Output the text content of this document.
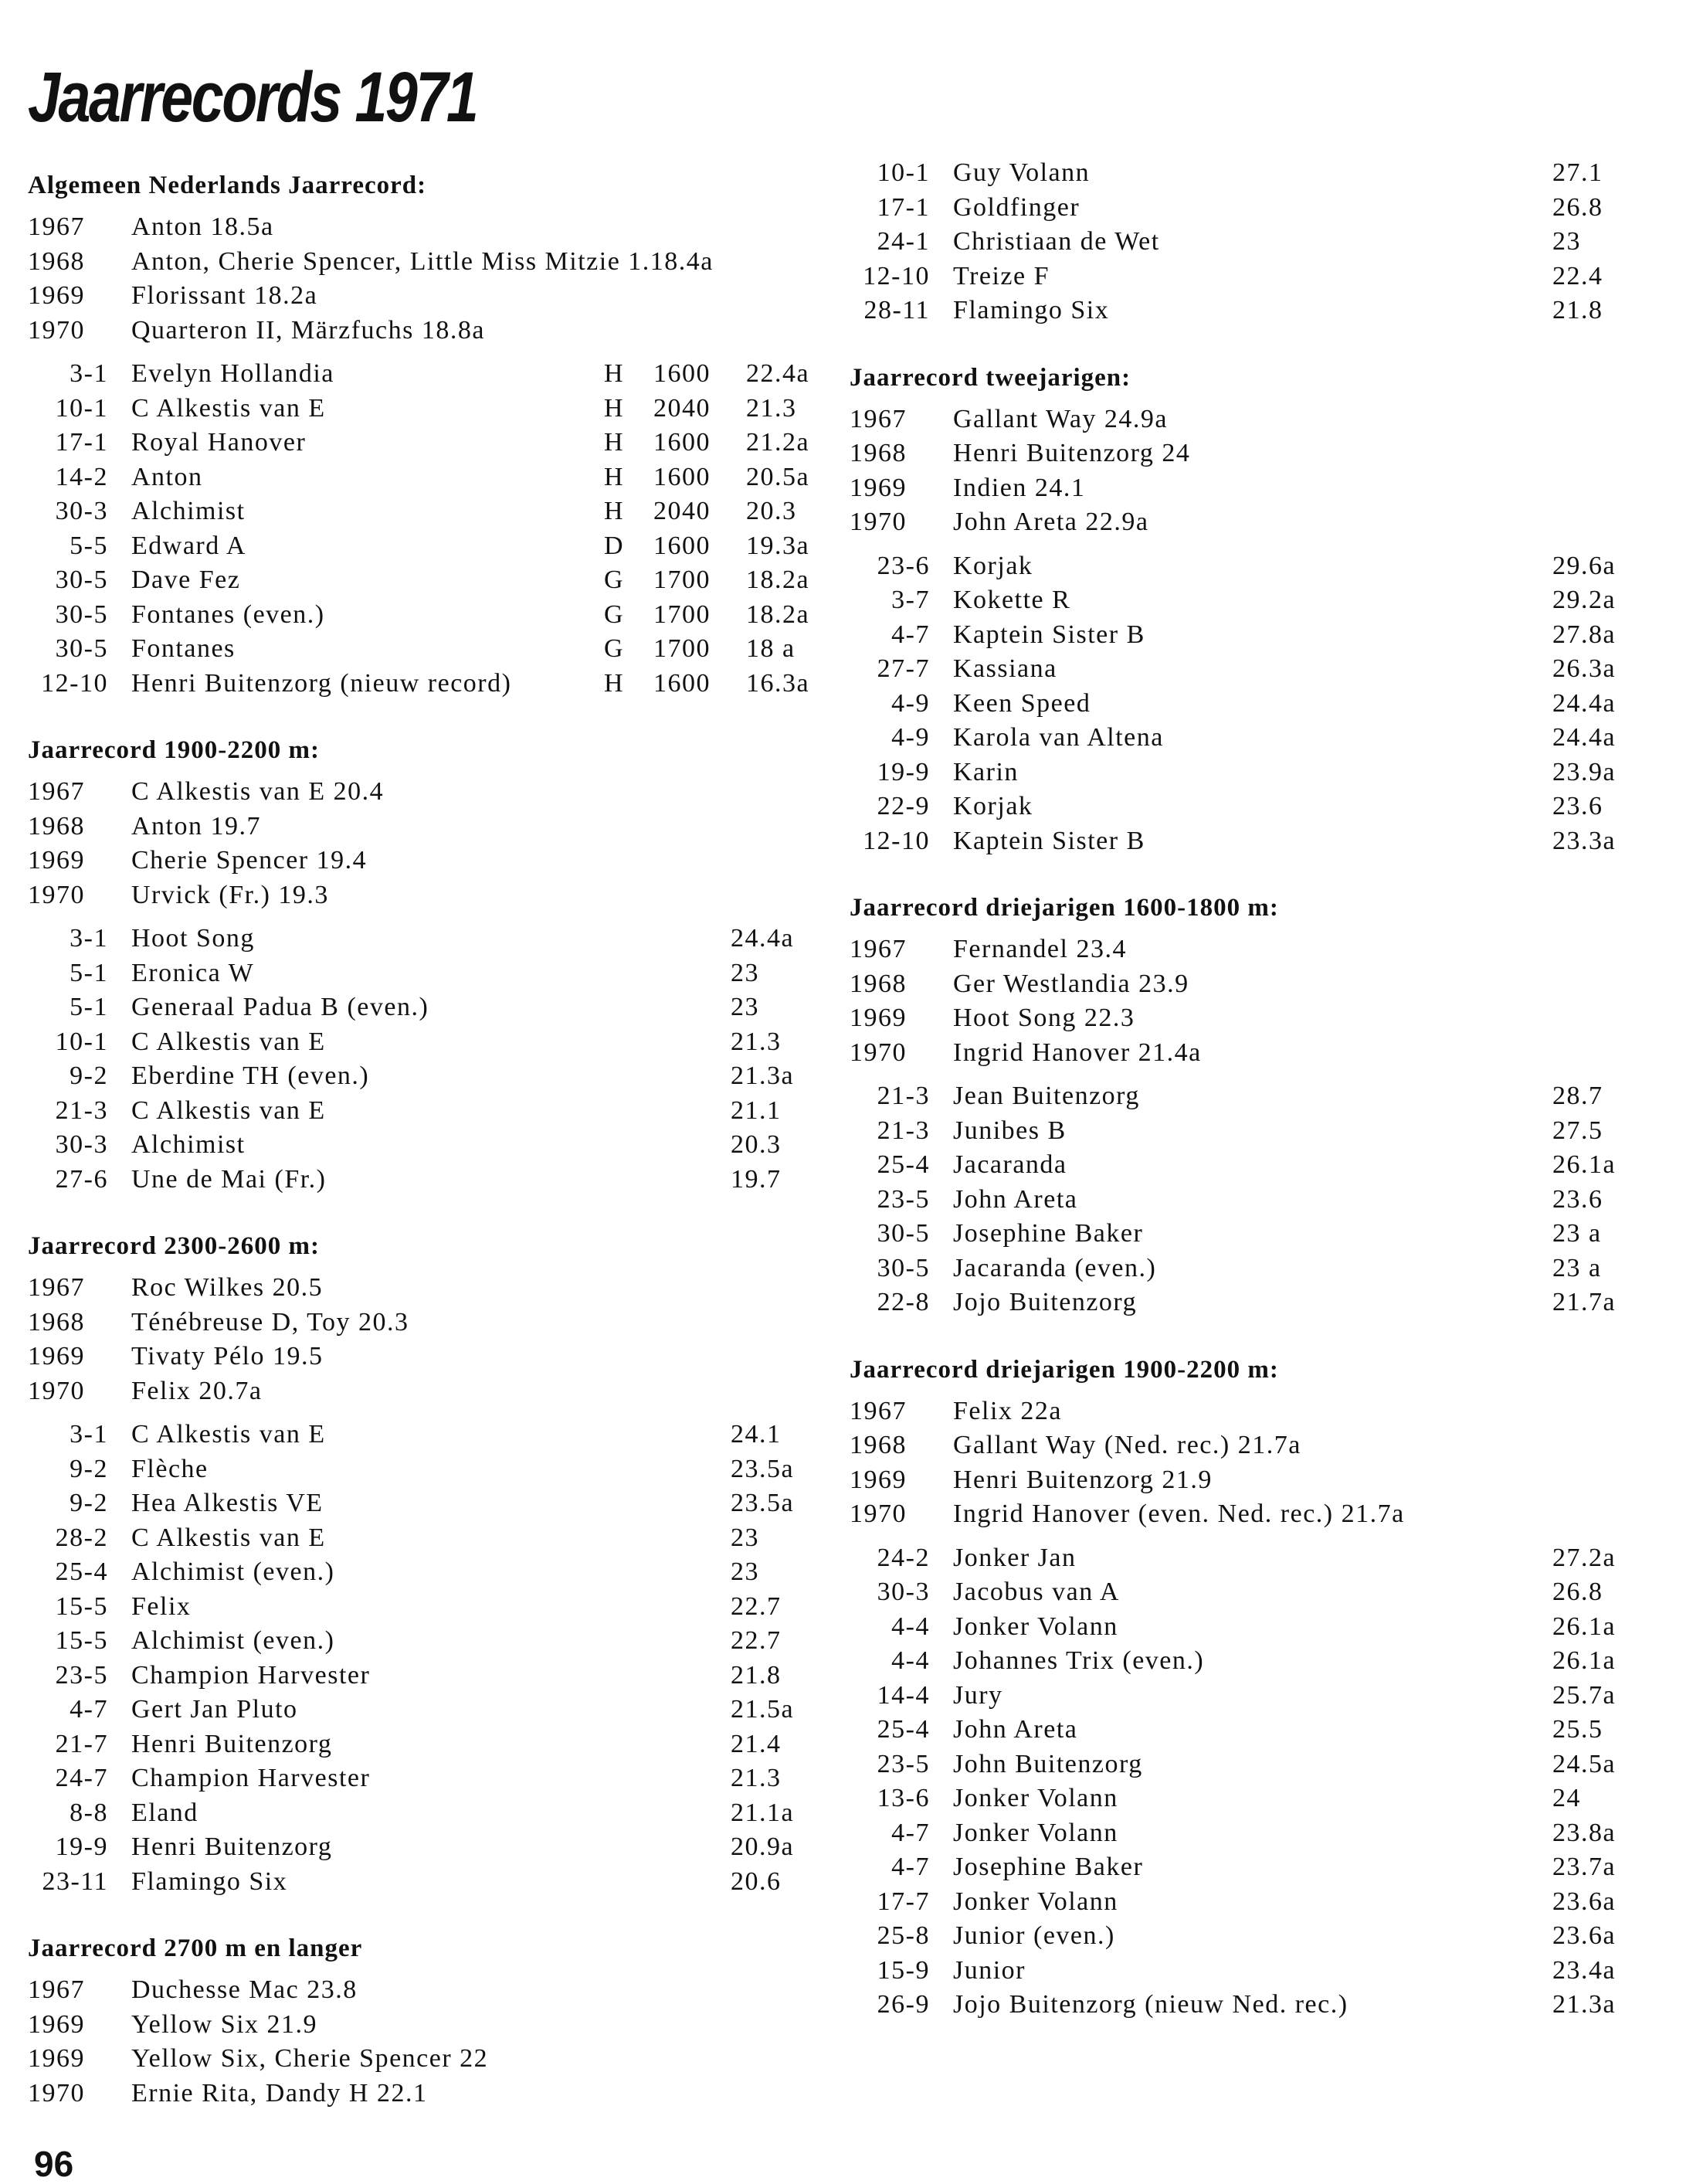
Jaarrecords 1971
Algemeen Nederlands Jaarrecord:
1967	Anton 18.5a
1968	Anton, Cherie Spencer, Little Miss Mitzie 1.18.4a
1969	Florissant 18.2a
1970	Quarteron II, Märzfuchs 18.8a
3-1 Evelyn Hollandia	H	1600	22.4a
10-1 C Alkestis van E	H	2040	21.3
17-1 Royal Hanover	H	1600	21.2a
14-2 Anton	H	1600	20.5a
30-3 Alchimist	H	2040	20.3
5-5 Edward A	D	1600	19.3a
30-5 Dave Fez	G	1700	18.2a
30-5 Fontanes (even.)	G	1700	18.2a
30-5 Fontanes	G	1700	18 a
12-10 Henri Buitenzorg (nieuw record)	H	1600	16.3a
Jaarrecord 1900-2200 m:
1967	C Alkestis van E 20.4
1968	Anton 19.7
1969	Cherie Spencer 19.4
1970	Urvick (Fr.) 19.3
3-1 Hoot Song	24.4a
5-1 Eronica W	23
5-1 Generaal Padua B (even.)	23
10-1 C Alkestis van E	21.3
9-2 Eberdine TH (even.)	21.3a
21-3 C Alkestis van E	21.1
30-3 Alchimist	20.3
27-6 Une de Mai (Fr.)	19.7
Jaarrecord 2300-2600 m:
1967	Roc Wilkes 20.5
1968	Ténébreuse D, Toy 20.3
1969	Tivaty Pélo 19.5
1970	Felix 20.7a
3-1 C Alkestis van E	24.1
9-2 Flèche	23.5a
9-2 Hea Alkestis VE	23.5a
28-2 C Alkestis van E	23
25-4 Alchimist (even.)	23
15-5 Felix	22.7
15-5 Alchimist (even.)	22.7
23-5 Champion Harvester	21.8
4-7 Gert Jan Pluto	21.5a
21-7 Henri Buitenzorg	21.4
24-7 Champion Harvester	21.3
8-8 Eland	21.1a
19-9 Henri Buitenzorg	20.9a
23-11 Flamingo Six	20.6
Jaarrecord 2700 m en langer
1967	Duchesse Mac 23.8
1969	Yellow Six 21.9
1969	Yellow Six, Cherie Spencer 22
1970	Ernie Rita, Dandy H 22.1
10-1 Guy Volann	27.1
17-1 Goldfinger	26.8
24-1 Christiaan de Wet	23
12-10 Treize F	22.4
28-11 Flamingo Six	21.8
Jaarrecord tweejarigen:
1967	Gallant Way 24.9a
1968	Henri Buitenzorg 24
1969	Indien 24.1
1970	John Areta 22.9a
23-6 Korjak	29.6a
3-7 Kokette R	29.2a
4-7 Kaptein Sister B	27.8a
27-7 Kassiana	26.3a
4-9 Keen Speed	24.4a
4-9 Karola van Altena	24.4a
19-9 Karin	23.9a
22-9 Korjak	23.6
12-10 Kaptein Sister B	23.3a
Jaarrecord driejarigen 1600-1800 m:
1967	Fernandel 23.4
1968	Ger Westlandia 23.9
1969	Hoot Song 22.3
1970	Ingrid Hanover 21.4a
21-3 Jean Buitenzorg	28.7
21-3 Junibes B	27.5
25-4 Jacaranda	26.1a
23-5 John Areta	23.6
30-5 Josephine Baker	23 a
30-5 Jacaranda (even.)	23 a
22-8 Jojo Buitenzorg	21.7a
Jaarrecord driejarigen 1900-2200 m:
1967	Felix 22a
1968	Gallant Way (Ned. rec.) 21.7a
1969	Henri Buitenzorg 21.9
1970	Ingrid Hanover (even. Ned. rec.) 21.7a
24-2 Jonker Jan	27.2a
30-3 Jacobus van A	26.8
4-4 Jonker Volann	26.1a
4-4 Johannes Trix (even.)	26.1a
14-4 Jury	25.7a
25-4 John Areta	25.5
23-5 John Buitenzorg	24.5a
13-6 Jonker Volann	24
4-7 Jonker Volann	23.8a
4-7 Josephine Baker	23.7a
17-7 Jonker Volann	23.6a
25-8 Junior (even.)	23.6a
15-9 Junior	23.4a
26-9 Jojo Buitenzorg (nieuw Ned. rec.)	21.3a
96
